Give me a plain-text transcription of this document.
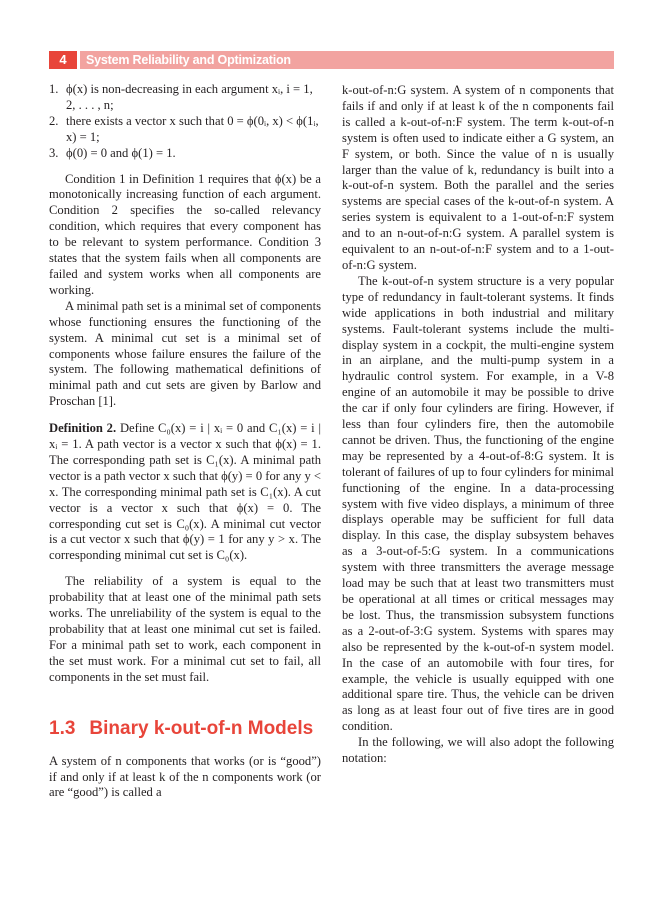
4	System Reliability and Optimization
1. ϕ(x) is non-decreasing in each argument xᵢ, i = 1, 2, . . . , n;
2. there exists a vector x such that 0 = ϕ(0ᵢ, x) < ϕ(1ᵢ, x) = 1;
3. ϕ(0) = 0 and ϕ(1) = 1.

Condition 1 in Definition 1 requires that ϕ(x) be a monotonically increasing function of each argument. Condition 2 specifies the so-called relevancy condition, which requires that every component has to be relevant to system performance. Condition 3 states that the system fails when all components are failed and system works when all components are working.

A minimal path set is a minimal set of components whose functioning ensures the functioning of the system. A minimal cut set is a minimal set of components whose failure ensures the failure of the system. The following mathematical definitions of minimal path and cut sets are given by Barlow and Proschan [1].

Definition 2. Define C₀(x) = i | xᵢ = 0 and C₁(x) = i | xᵢ = 1. A path vector is a vector x such that ϕ(x) = 1. The corresponding path set is C₁(x). A minimal path vector is a path vector x such that ϕ(y) = 0 for any y < x. The corresponding minimal path set is C₁(x). A cut vector is a vector x such that ϕ(x) = 0. The corresponding cut set is C₀(x). A minimal cut vector is a cut vector x such that ϕ(y) = 1 for any y > x. The corresponding minimal cut set is C₀(x).

The reliability of a system is equal to the probability that at least one of the minimal path sets works. The unreliability of the system is equal to the probability that at least one minimal cut set is failed. For a minimal path set to work, each component in the set must work. For a minimal cut set to fail, all components in the set must fail.

1.3 Binary k-out-of-n Models

A system of n components that works (or is “good”) if and only if at least k of the n components work (or are “good”) is called a

k-out-of-n:G system. A system of n components that fails if and only if at least k of the n components fail is called a k-out-of-n:F system. The term k-out-of-n system is often used to indicate either a G system, an F system, or both. Since the value of n is usually larger than the value of k, redundancy is built into a k-out-of-n system. Both the parallel and the series systems are special cases of the k-out-of-n system. A series system is equivalent to a 1-out-of-n:F system and to an n-out-of-n:G system. A parallel system is equivalent to an n-out-of-n:F system and to a 1-out-of-n:G system.

The k-out-of-n system structure is a very popular type of redundancy in fault-tolerant systems. It finds wide applications in both industrial and military systems. Fault-tolerant systems include the multi-display system in a cockpit, the multi-engine system in an airplane, and the multi-pump system in a hydraulic control system. For example, in a V-8 engine of an automobile it may be possible to drive the car if only four cylinders are firing. However, if less than four cylinders fire, then the automobile cannot be driven. Thus, the functioning of the engine may be represented by a 4-out-of-8:G system. It is tolerant of failures of up to four cylinders for minimal functioning of the engine. In a data-processing system with five video displays, a minimum of three displays operable may be sufficient for full data display. In this case, the display subsystem behaves as a 3-out-of-5:G system. In a communications system with three transmitters the average message load may be such that at least two transmitters must be operational at all times or critical messages may be lost. Thus, the transmission subsystem functions as a 2-out-of-3:G system. Systems with spares may also be represented by the k-out-of-n system model. In the case of an automobile with four tires, for example, the vehicle is usually equipped with one additional spare tire. Thus, the vehicle can be driven as long as at least four out of five tires are in good condition.

In the following, we will also adopt the following notation:
